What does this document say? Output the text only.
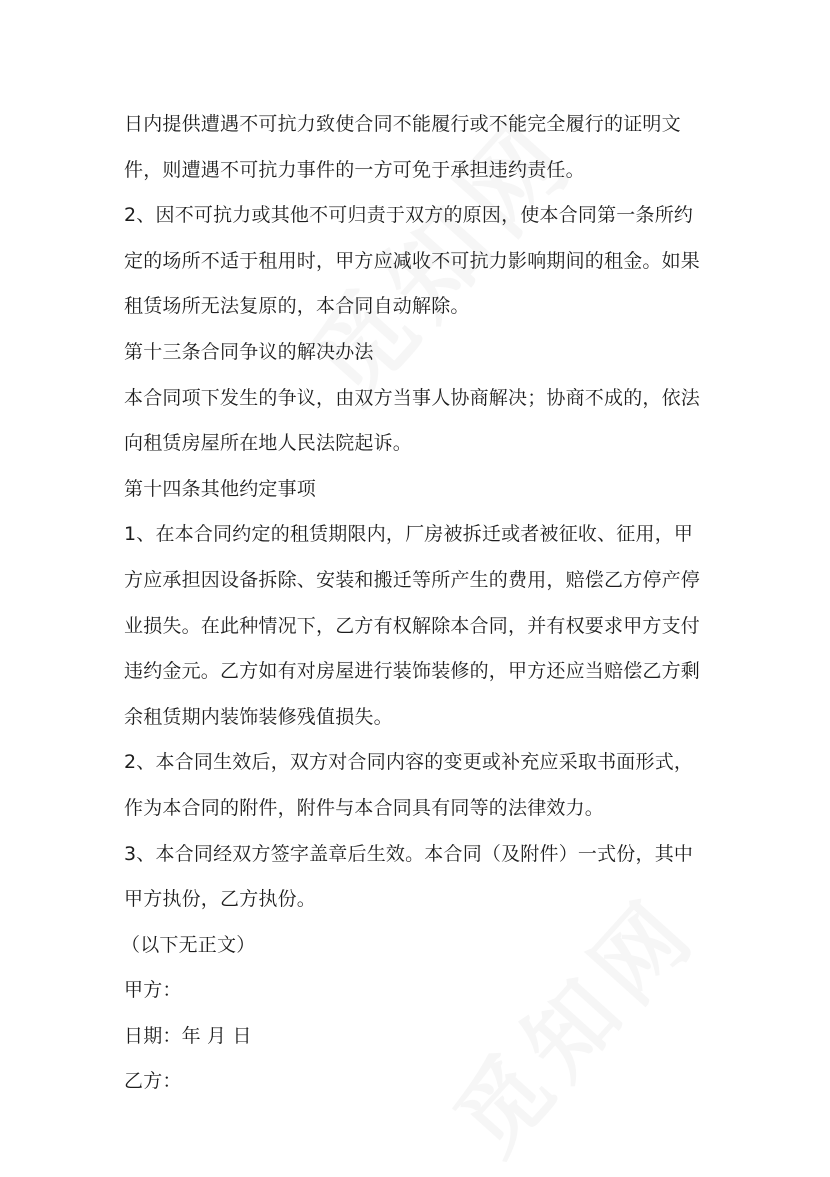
日内提供遭遇不可抗力致使合同不能履行或不能完全履行的证明文
件，则遭遇不可抗力事件的一方可免于承担违约责任。
2、因不可抗力或其他不可归责于双方的原因，使本合同第一条所约
定的场所不适于租用时，甲方应减收不可抗力影响期间的租金。如果
租赁场所无法复原的，本合同自动解除。
第十三条合同争议的解决办法
本合同项下发生的争议，由双方当事人协商解决；协商不成的，依法
向租赁房屋所在地人民法院起诉。
第十四条其他约定事项
1、在本合同约定的租赁期限内，厂房被拆迁或者被征收、征用，甲
方应承担因设备拆除、安装和搬迁等所产生的费用，赔偿乙方停产停
业损失。在此种情况下，乙方有权解除本合同，并有权要求甲方支付
违约金元。乙方如有对房屋进行装饰装修的，甲方还应当赔偿乙方剩
余租赁期内装饰装修残值损失。
2、本合同生效后，双方对合同内容的变更或补充应采取书面形式，
作为本合同的附件，附件与本合同具有同等的法律效力。
3、本合同经双方签字盖章后生效。本合同（及附件）一式份，其中
甲方执份，乙方执份。
（以下无正文）
甲方：
日期：年 月 日
乙方：
